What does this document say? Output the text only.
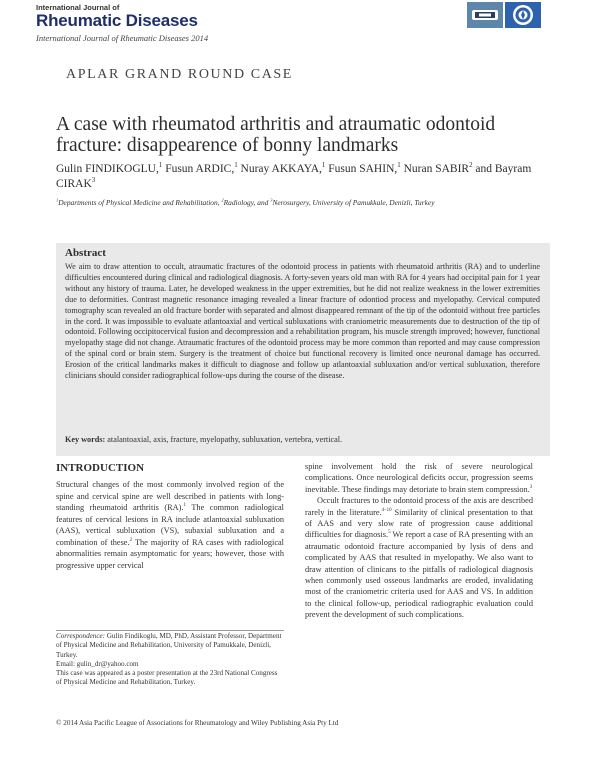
International Journal of
Rheumatic Diseases
International Journal of Rheumatic Diseases 2014
APLAR GRAND ROUND CASE
A case with rheumatod arthritis and atraumatic odontoid fracture: disappearence of bonny landmarks
Gulin FINDIKOGLU,$^1$ Fusun ARDIC,$^1$ Nuray AKKAYA,$^1$ Fusun SAHIN,$^1$ Nuran SABIR$^2$ and Bayram CIRAK$^3$
$^1$Departments of Physical Medicine and Rehabilitation, $^2$Radiology, and $^3$Nerosurgery, University of Pamukkale, Denizli, Turkey
Abstract
We aim to draw attention to occult, atraumatic fractures of the odontoid process in patients with rheumatoid arthritis (RA) and to underline difficulties encountered during clinical and radiological diagnosis. A forty-seven years old man with RA for 4 years had occipital pain for 1 year without any history of trauma. Later, he developed weakness in the upper extremities, but he did not realize weakness in the lower extremities due to deformities. Contrast magnetic resonance imaging revealed a linear fracture of odontiod process and myelopathy. Cervical computed tomography scan revealed an old fracture border with separated and almost disappeared remnant of the tip of the odontoid without free particles in the cord. It was impossible to evaluate atlantoaxial and vertical subluxations with craniometric measurements due to destruction of the tip of odontoid. Following occipitocervical fusion and decompression and a rehabilitation program, his muscle strength improved; however, functional myelopathy stage did not change. Atraumatic fractures of the odontoid process may be more common than reported and may cause compression of the spinal cord or brain stem. Surgery is the treatment of choice but functional recovery is limited once neuronal damage has occurred. Erosion of the critical landmarks makes it difficult to diagnose and follow up atlantoaxial subluxation and/or vertical subluxation, therefore clinicians should consider radiographical follow-ups during the course of the disease.
Key words: atalantoaxial, axis, fracture, myelopathy, subluxation, vertebra, vertical.
INTRODUCTION

Structural changes of the most commonly involved region of the spine and cervical spine are well described in patients with long-standing rheumatoid arthritis (RA).$^1$ The common radiological features of cervical lesions in RA include atlantoaxial subluxation (AAS), vertical subluxation (VS), subaxial subluxation and a combination of these.$^2$ The majority of RA cases with radiological abnormalities remain asymptomatic for years; however, those with progressive upper cervical

spine involvement hold the risk of severe neurological complications. Once neurological deficits occur, progression seems inevitable. These findings may detoriate to brain stem compression.$^3$

Occult fractures to the odontoid process of the axis are described rarely in the literature.$^{4-10}$ Similarity of clinical presentation to that of AAS and very slow rate of progression cause additional difficulties for diagnosis.$^5$ We report a case of RA presenting with an atraumatic odontoid fracture accompanied by lysis of dens and complicated by AAS that resulted in myelopathy. We also want to draw attention of clinicans to the pitfalls of radiological diagnosis when commonly used osseous landmarks are eroded, invalidating most of the craniometric criteria used for AAS and VS. In addition to the clinical follow-up, periodical radiographic evaluation could prevent the development of such complications.

Correspondence: Gulin Findikoglu, MD, PhD, Assistant Professor, Department of Physical Medicine and Rehabilitation, University of Pamukkale, Denizli, Turkey.

Email: gulin_dr@yahoo.com

This case was appeared as a poster presentation at the 23rd National Congress of Physical Medicine and Rehabilitation, Turkey.

© 2014 Asia Pacific League of Associations for Rheumatology and Wiley Publishing Asia Pty Ltd
